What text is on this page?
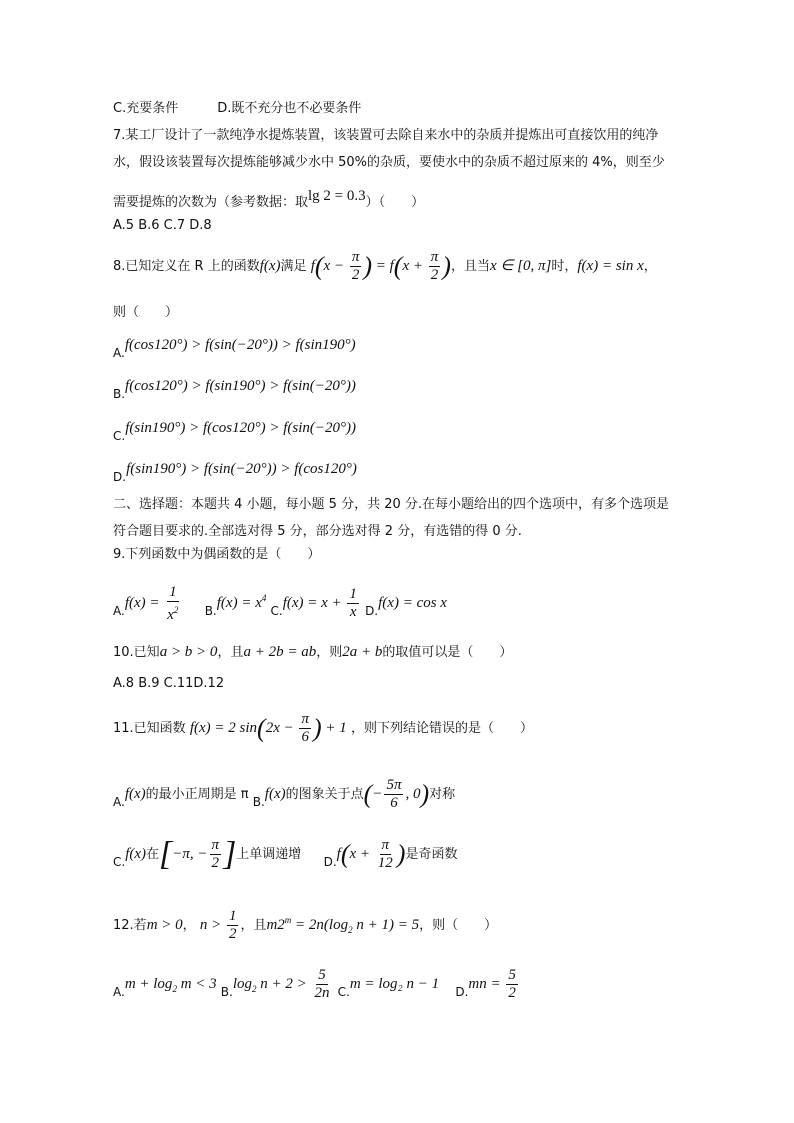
C.充要条件　　　D.既不充分也不必要条件
7.某工厂设计了一款纯净水提炼装置，该装置可去除自来水中的杂质并提炼出可直接饮用的纯净
水，假设该装置每次提炼能够减少水中 50%的杂质，要使水中的杂质不超过原来的 4%，则至少
需要提炼的次数为（参考数据：取lg 2 = 0.3）（　　）
A.5 B.6 C.7 D.8
8.已知定义在 R 上的函数f(x)满足 $f(x - \frac{\pi}{2}$ ) = $f(x + \frac{\pi}{2}$ )，且当x ∈ [0, π]时，f(x) = sin x，
则（　　）
A.f(cos120°) > f(sin(−20°)) > f(sin190°)
B.f(cos120°) > f(sin190°) > f(sin(−20°))
C.f(sin190°) > f(cos120°) > f(sin(−20°))
D.f(sin190°) > f(sin(−20°)) > f(cos120°)
二、选择题：本题共 4 小题，每小题 5 分，共 20 分.在每小题给出的四个选项中，有多个选项是
符合题目要求的.全部选对得 5 分，部分选对得 2 分，有选错的得 0 分.
9.下列函数中为偶函数的是（　　）
$A.f(x) = \frac{1}{x^2} B.f(x) = x^4$ $C.f(x) = x + \frac{1}{x} D.f(x) = \cos x$
10.已知a > b > 0，且a + 2b = ab，则2a + b的取值可以是（　　）
A.8 B.9 C.11D.12
11.已知函数 f(x) = 2 $\sin(2x - \frac{\pi}{6}$ ) + 1 ，则下列结论错误的是（　　）
A.f(x)的最小正周期是 π B.f(x)的图象关于点(− $\frac{5\pi}{6}$ , 0)对称
C.f(x)在[−π, − $\frac{\pi}{2}$ ]上单调递增 $D.f(x + \frac{\pi}{12}$ )是奇函数
12.若m > 0， $n > \frac{1}{2}$ ，且$m2^m = 2n(\log_2$ n + 1) = 5，则（　　）
$A.m + \log_2 m < 3$ $B.\log_2$ $n + 2 > \frac{5}{2n} C.m = \log_2$ n − 1 $D.mn = \frac{5}{2}$
